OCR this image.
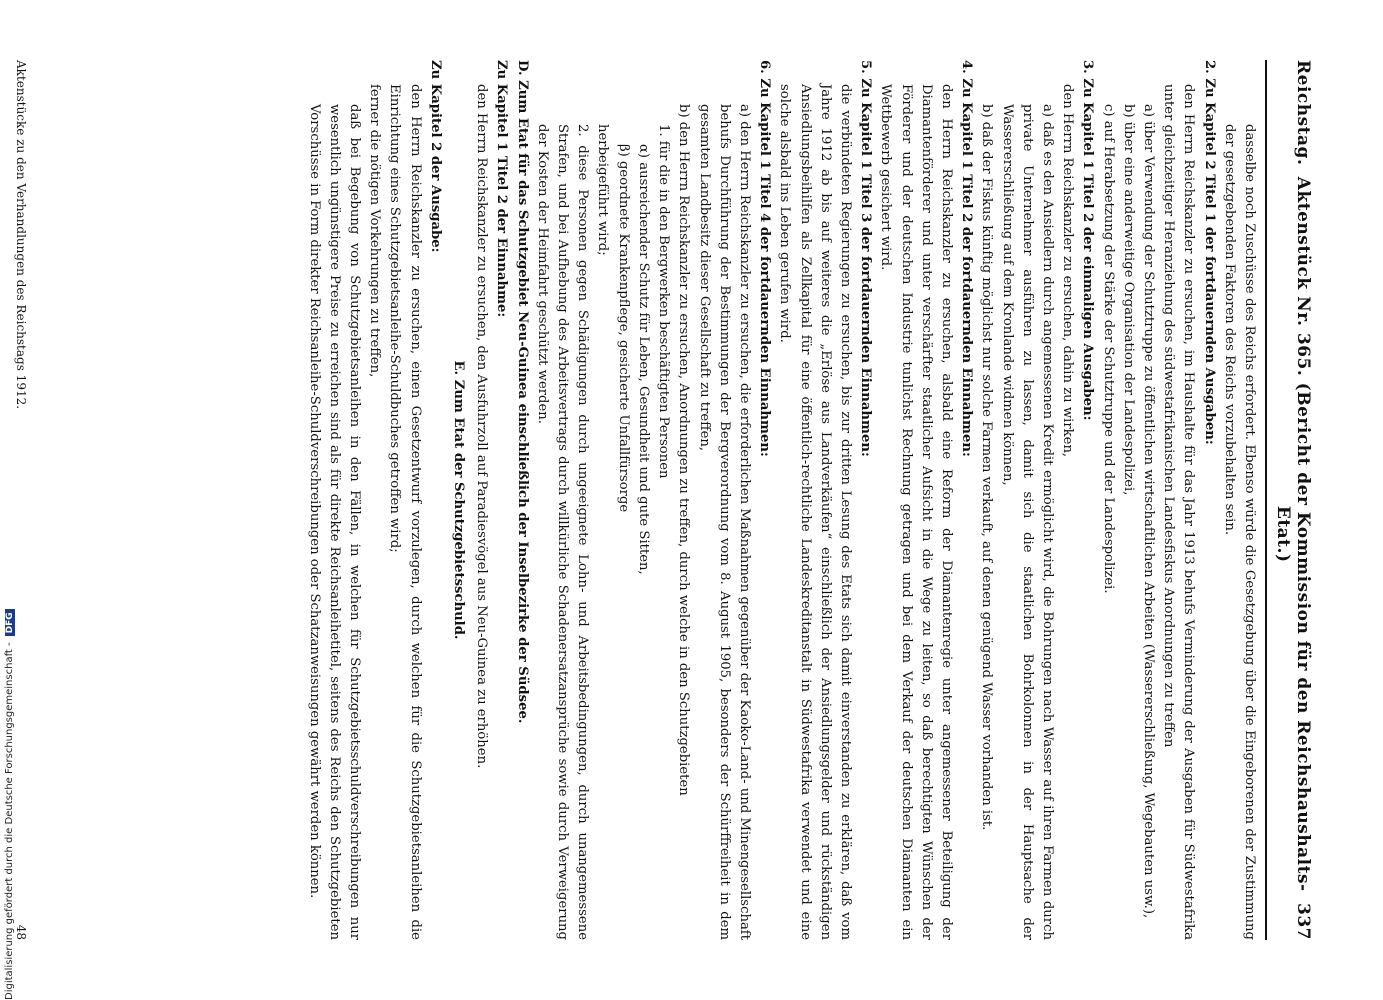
Digitalisierung gefördert durch die Deutsche Forschungsgemeinschaft -DFG
Reichstag.
Aktenstück Nr. 365. (Bericht der Kommission für den Reichshaushalts-Etat.)
337

dasselbe noch Zuschüsse des Reichs erfordert. Ebenso würde die Gesetzgebung über die Eingeborenen der Zustimmung der gesetzgebenden Faktoren des Reichs vorzubehalten sein.

2. Zu Kapitel 2 Titel 1 der fortdauernden Ausgaben:

den Herrn Reichskanzler zu ersuchen, im Haushalte für das Jahr 1913 behufs Verminderung der Ausgaben für Südwestafrika unter gleichzeitiger Heranziehung des südwestafrikanischen Landesfiskus Anordnungen zu treffen

a) über Verwendung der Schutztruppe zu öffentlichen wirtschaftlichen Arbeiten (Wassererschließung, Wegebauten usw.),

b) über eine anderweitige Organisation der Landespolizei,

c) auf Herabsetzung der Stärke der Schutztruppe und der Landespolizei.

3. Zu Kapitel 1 Titel 2 der einmaligen Ausgaben:

den Herrn Reichskanzler zu ersuchen, dahin zu wirken,

a) daß es den Ansiedlern durch angemessenen Kredit ermöglicht wird, die Bohrungen nach Wasser auf ihren Farmen durch private Unternehmer ausführen zu lassen, damit sich die staatlichen Bohrkolonnen in der Hauptsache der Wassererschließung auf dem Kronlande widmen können,

b) daß der Fiskus künftig möglichst nur solche Farmen verkauft, auf denen genügend Wasser vorhanden ist.

4. Zu Kapitel 1 Titel 2 der fortdauernden Einnahmen:

den Herrn Reichskanzler zu ersuchen, alsbald eine Reform der Diamantenregie unter angemessener Beteiligung der Diamantenförderer und unter verschärfter staatlicher Aufsicht in die Wege zu leiten, so daß berechtigten Wünschen der Förderer und der deutschen Industrie tunlichst Rechnung getragen und bei dem Verkauf der deutschen Diamanten ein Wettbewerb gesichert wird.

5. Zu Kapitel 1 Titel 3 der fortdauernden Einnahmen:

die verbündeten Regierungen zu ersuchen, bis zur dritten Lesung des Etats sich damit einverstanden zu erklären, daß vom Jahre 1912 ab bis auf weiteres die „Erlöse aus Landverkäufen“ einschließlich der Ansiedlungsgelder und rückständigen Ansiedlungsbeihilfen als Zellkapital für eine öffentlich-rechtliche Landeskreditanstalt in Südwestafrika verwendet und eine solche alsbald ins Leben gerufen wird.

6. Zu Kapitel 1 Titel 4 der fortdauernden Einnahmen:

a) den Herrn Reichskanzler zu ersuchen, die erforderlichen Maßnahmen gegenüber der Kaoko-Land- und Minengesellschaft behufs Durchführung der Bestimmungen der Bergverordnung vom 8. August 1905, besonders der Schürffreiheit in dem gesamten Landbesitz dieser Gesellschaft zu treffen,

b) den Herrn Reichskanzler zu ersuchen, Anordnungen zu treffen, durch welche in den Schutzgebieten

1. für die in den Bergwerken beschäftigten Personen

α) ausreichender Schutz für Leben, Gesundheit und gute Sitten,

β) geordnete Krankenpflege, gesicherte Unfallfürsorge

herbeigeführt wird;

2. diese Personen gegen Schädigungen durch ungeeignete Lohn- und Arbeitsbedingungen, durch unangemessene Strafen, und bei Aufhebung des Arbeitsvertrags durch willkürliche Schadenersatzansprüche sowie durch Verweigerung der Kosten der Heimfahrt geschützt werden.

D. Zum Etat für das Schutzgebiet Neu-Guinea einschließlich der Inselbezirke der Südsee.

Zu Kapitel 1 Titel 2 der Einnahme:

den Herrn Reichskanzler zu ersuchen, den Ausfuhrzoll auf Paradiesvögel aus Neu-Guinea zu erhöhen.

E. Zum Etat der Schutzgebietsschuld.

Zu Kapitel 2 der Ausgabe:

den Herrn Reichskanzler zu ersuchen, einen Gesetzentwurf vorzulegen, durch welchen für die Schutzgebietsanleihen die Einrichtung eines Schutzgebietsanleihe-Schuldbuches getroffen wird;

ferner die nötigen Vorkehrungen zu treffen,

daß bei Begebung von Schutzgebietsanleihen in den Fällen, in welchen für Schutzgebietsschuldverschreibungen nur wesentlich ungünstigere Preise zu erreichen sind als für direkte Reichsanleihetitel, seitens des Reichs den Schutzgebieten Vorschüsse in Form direkter Reichsanleihe-Schuldverschreibungen oder Schatzanweisungen gewährt werden können.

Aktenstücke zu den Verhandlungen des Reichstags 1912.
48
